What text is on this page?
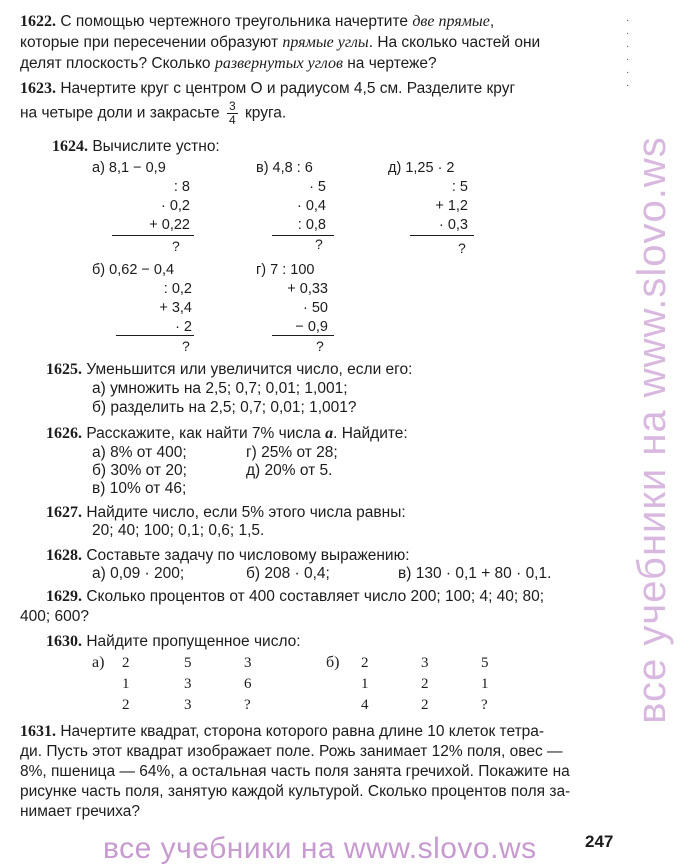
все учебники на www.slovo.ws
все учебники на www.slovo.ws
·
·
·
·
·
·
1622. С помощью чертежного треугольника начертите две прямые,
которые при пересечении образуют прямые углы. На сколько частей они
делят плоскость? Сколько развернутых углов на чертеже?
1623. Начертите круг с центром O и радиусом 4,5 см. Разделите круг
на четыре доли и закрасьте $\frac{3}{4}$ круга.
1624. Вычислите устно:
а) 8,1 − 0,9
: 8
· 0,2
+ 0,22
?
в) 4,8 : 6
· 5
· 0,4
: 0,8
?
д) 1,25 · 2
: 5
+ 1,2
· 0,3
?
б) 0,62 − 0,4
: 0,2
+ 3,4
· 2
?
г) 7 : 100
+ 0,33
· 50
− 0,9
?
1625. Уменьшится или увеличится число, если его:
а) умножить на 2,5; 0,7; 0,01; 1,001;
б) разделить на 2,5; 0,7; 0,01; 1,001?
1626. Расскажите, как найти 7% числа a. Найдите:
а) 8% от 400;	г) 25% от 28;
б) 30% от 20;	д) 20% от 5.
в) 10% от 46;
1627. Найдите число, если 5% этого числа равны:
20; 40; 100; 0,1; 0,6; 1,5.
1628. Составьте задачу по числовому выражению:
а) 0,09 · 200;	б) 208 · 0,4;	в) 130 · 0,1 + 80 · 0,1.
1629. Сколько процентов от 400 составляет число 200; 100; 4; 40; 80;
400; 600?
1630. Найдите пропущенное число:
а) 2	5	3
1	3	6
2	3	?
б) 2	3	5
1	2	1
4	2	?
1631. Начертите квадрат, сторона которого равна длине 10 клеток тетра-
ди. Пусть этот квадрат изображает поле. Рожь занимает 12% поля, овес —
8%, пшеница — 64%, а остальная часть поля занята гречихой. Покажите на
рисунке часть поля, занятую каждой культурой. Сколько процентов поля за-
нимает гречиха?
247
